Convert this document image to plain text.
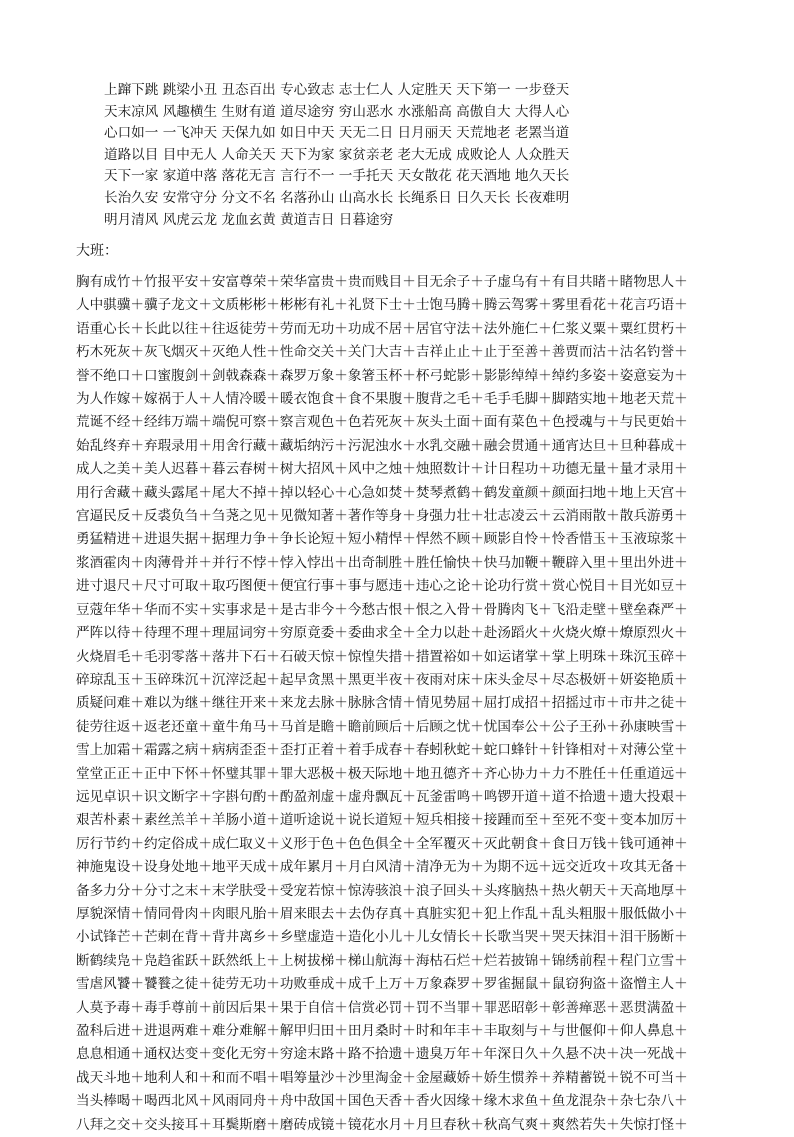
上蹿下跳 跳梁小丑 丑态百出 专心致志 志士仁人 人定胜天 天下第一 一步登天
天末凉风 风趣横生 生财有道 道尽途穷 穷山恶水 水涨船高 高傲自大 大得人心
心口如一 一飞冲天 天保九如 如日中天 天无二日 日月丽天 天荒地老 老罴当道
道路以目 目中无人 人命关天 天下为家 家贫亲老 老大无成 成败论人 人众胜天
天下一家 家道中落 落花无言 言行不一 一手托天 天女散花 花天酒地 地久天长
长治久安 安常守分 分文不名 名落孙山 山高水长 长绳系日 日久天长 长夜难明
明月清风 风虎云龙 龙血玄黄 黄道吉日 日暮途穷
大班：
胸有成竹＋竹报平安＋安富尊荣＋荣华富贵＋贵而贱目＋目无余子＋子虚乌有＋有目共睹＋睹物思人＋
人中骐骥＋骥子龙文＋文质彬彬＋彬彬有礼＋礼贤下士＋士饱马腾＋腾云驾雾＋雾里看花＋花言巧语＋
语重心长＋长此以往＋往返徒劳＋劳而无功＋功成不居＋居官守法＋法外施仁＋仁浆义粟＋粟红贯朽＋
朽木死灰＋灰飞烟灭＋灭绝人性＋性命交关＋关门大吉＋吉祥止止＋止于至善＋善贾而沽＋沽名钓誉＋
誉不绝口＋口蜜腹剑＋剑戟森森＋森罗万象＋象箸玉杯＋杯弓蛇影＋影影绰绰＋绰约多姿＋姿意妄为＋
为人作嫁＋嫁祸于人＋人情冷暖＋暖衣饱食＋食不果腹＋腹背之毛＋毛手毛脚＋脚踏实地＋地老天荒＋
荒诞不经＋经纬万端＋端倪可察＋察言观色＋色若死灰＋灰头土面＋面有菜色＋色授魂与＋与民更始＋
始乱终弃＋弃瑕录用＋用舍行藏＋藏垢纳污＋污泥浊水＋水乳交融＋融会贯通＋通宵达旦＋旦种暮成＋
成人之美＋美人迟暮＋暮云春树＋树大招风＋风中之烛＋烛照数计＋计日程功＋功德无量＋量才录用＋
用行舍藏＋藏头露尾＋尾大不掉＋掉以轻心＋心急如焚＋焚琴煮鹤＋鹤发童颜＋颜面扫地＋地上天宫＋
宫逼民反＋反裘负刍＋刍荛之见＋见微知著＋著作等身＋身强力壮＋壮志凌云＋云消雨散＋散兵游勇＋
勇猛精进＋进退失据＋据理力争＋争长论短＋短小精悍＋悍然不顾＋顾影自怜＋怜香惜玉＋玉液琼浆＋
浆酒霍肉＋肉薄骨并＋并行不悖＋悖入悖出＋出奇制胜＋胜任愉快＋快马加鞭＋鞭辟入里＋里出外进＋
进寸退尺＋尺寸可取＋取巧图便＋便宜行事＋事与愿违＋违心之论＋论功行赏＋赏心悦目＋目光如豆＋
豆蔻年华＋华而不实＋实事求是＋是古非今＋今愁古恨＋恨之入骨＋骨腾肉飞＋飞沿走壁＋壁垒森严＋
严阵以待＋待理不理＋理屈词穷＋穷原竟委＋委曲求全＋全力以赴＋赴汤蹈火＋火烧火燎＋燎原烈火＋
火烧眉毛＋毛羽零落＋落井下石＋石破天惊＋惊惶失措＋措置裕如＋如运诸掌＋掌上明珠＋珠沉玉碎＋
碎琼乱玉＋玉碎珠沉＋沉滓泛起＋起早贪黑＋黑更半夜＋夜雨对床＋床头金尽＋尽态极妍＋妍姿艳质＋
质疑问难＋难以为继＋继往开来＋来龙去脉＋脉脉含情＋情见势屈＋屈打成招＋招摇过市＋市井之徒＋
徒劳往返＋返老还童＋童牛角马＋马首是瞻＋瞻前顾后＋后顾之忧＋忧国奉公＋公子王孙＋孙康映雪＋
雪上加霜＋霜露之病＋病病歪歪＋歪打正着＋着手成春＋春蚓秋蛇＋蛇口蜂针＋针锋相对＋对薄公堂＋
堂堂正正＋正中下怀＋怀璧其罪＋罪大恶极＋极天际地＋地丑德齐＋齐心协力＋力不胜任＋任重道远＋
远见卓识＋识文断字＋字斟句酌＋酌盈剂虚＋虚舟飘瓦＋瓦釜雷鸣＋鸣锣开道＋道不拾遗＋遗大投艰＋
艰苦朴素＋素丝羔羊＋羊肠小道＋道听途说＋说长道短＋短兵相接＋接踵而至＋至死不变＋变本加厉＋
厉行节约＋约定俗成＋成仁取义＋义形于色＋色色俱全＋全军覆灭＋灭此朝食＋食日万钱＋钱可通神＋
神施鬼设＋设身处地＋地平天成＋成年累月＋月白风清＋清净无为＋为期不远＋远交近攻＋攻其无备＋
备多力分＋分寸之末＋末学肤受＋受宠若惊＋惊涛骇浪＋浪子回头＋头疼脑热＋热火朝天＋天高地厚＋
厚貌深情＋情同骨肉＋肉眼凡胎＋眉来眼去＋去伪存真＋真脏实犯＋犯上作乱＋乱头粗服＋服低做小＋
小试锋芒＋芒刺在背＋背井离乡＋乡壁虚造＋造化小儿＋儿女情长＋长歌当哭＋哭天抹泪＋泪干肠断＋
断鹤续凫＋凫趋雀跃＋跃然纸上＋上树拔梯＋梯山航海＋海枯石烂＋烂若披锦＋锦绣前程＋程门立雪＋
雪虐风饕＋饕餮之徒＋徒劳无功＋功败垂成＋成千上万＋万象森罗＋罗雀掘鼠＋鼠窃狗盗＋盗憎主人＋
人莫予毒＋毒手尊前＋前因后果＋果于自信＋信赏必罚＋罚不当罪＋罪恶昭彰＋彰善瘅恶＋恶贯满盈＋
盈科后进＋进退两难＋难分难解＋解甲归田＋田月桑时＋时和年丰＋丰取刻与＋与世偃仰＋仰人鼻息＋
息息相通＋通权达变＋变化无穷＋穷途末路＋路不拾遗＋遗臭万年＋年深日久＋久悬不决＋决一死战＋
战天斗地＋地利人和＋和而不唱＋唱筹量沙＋沙里淘金＋金屋藏娇＋娇生惯养＋养精蓄锐＋锐不可当＋
当头棒喝＋喝西北风＋风雨同舟＋舟中敌国＋国色天香＋香火因缘＋缘木求鱼＋鱼龙混杂＋杂七杂八＋
八拜之交＋交头接耳＋耳鬓斯磨＋磨砖成镜＋镜花水月＋月旦春秋＋秋高气爽＋爽然若失＋失惊打怪＋
